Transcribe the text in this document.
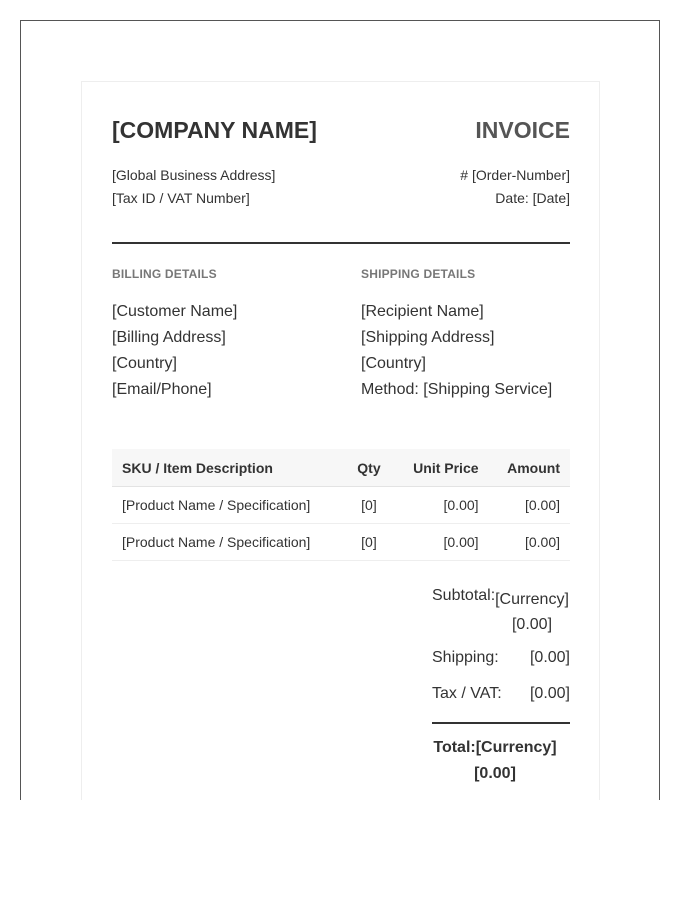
[COMPANY NAME]	INVOICE
[Global Business Address]
[Tax ID / VAT Number]
# [Order-Number]
Date: [Date]
BILLING DETAILS	SHIPPING DETAILS
[Customer Name]
[Billing Address]
[Country]
[Email/Phone]
[Recipient Name]
[Shipping Address]
[Country]
Method: [Shipping Service]
SKU / Item Description	Qty	Unit Price	Amount
[Product Name / Specification]	[0]	[0.00]	[0.00]
[Product Name / Specification]	[0]	[0.00]	[0.00]
Subtotal: [Currency] [0.00]
Shipping: [0.00]
Tax / VAT: [0.00]
Total:[Currency] [0.00]
